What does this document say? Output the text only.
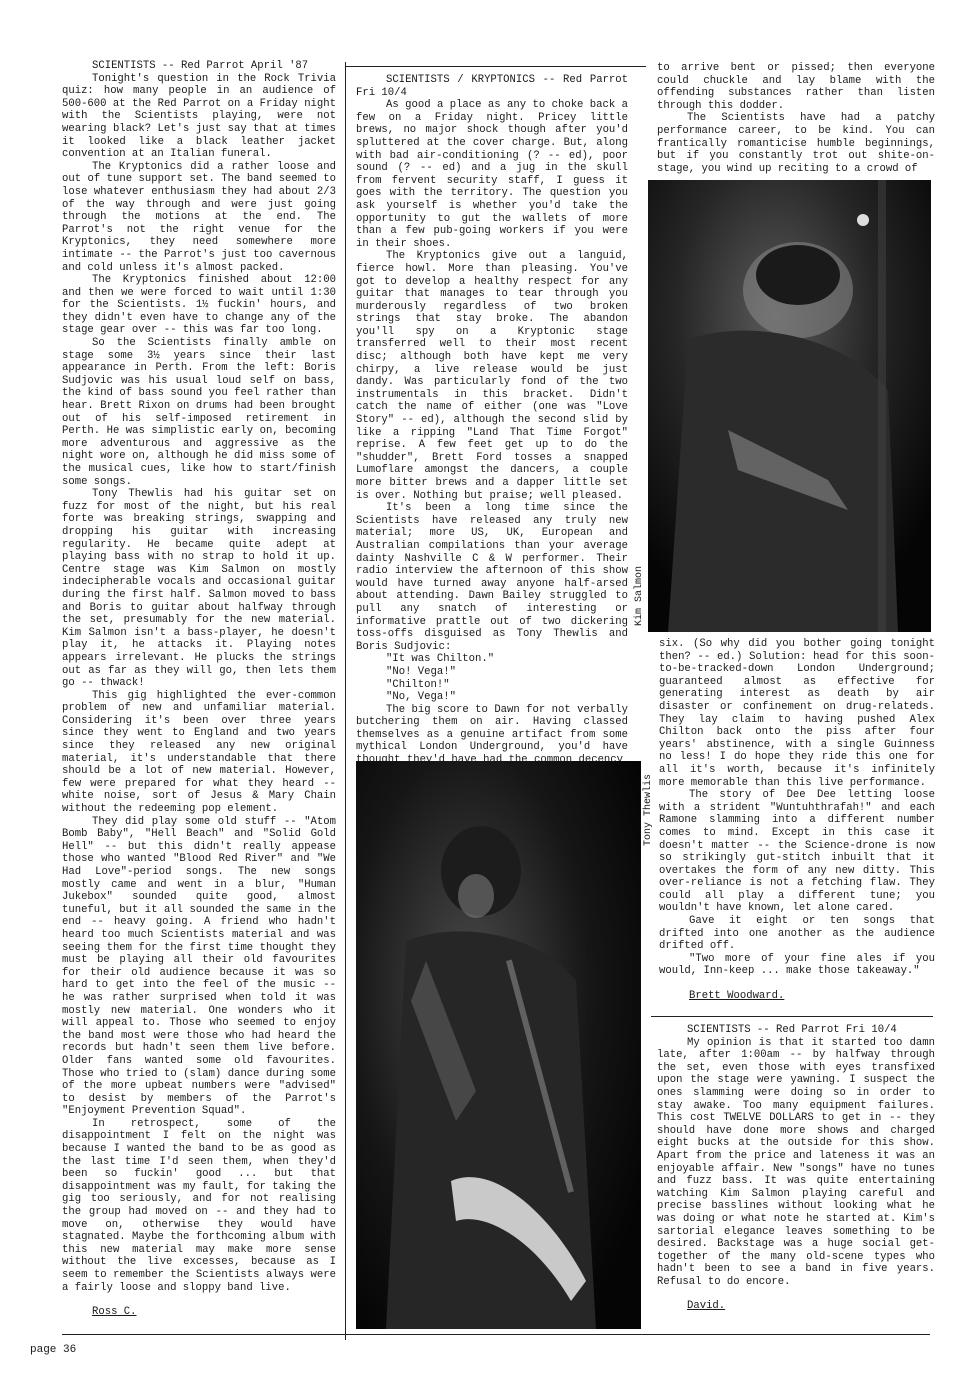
SCIENTISTS -- Red Parrot April '87

Tonight's question in the Rock Trivia quiz: how many people in an audience of 500-600 at the Red Parrot on a Friday night with the Scientists playing, were not wearing black? Let's just say that at times it looked like a black leather jacket convention at an Italian funeral.

The Kryptonics did a rather loose and out of tune support set. The band seemed to lose whatever enthusiasm they had about 2/3 of the way through and were just going through the motions at the end. The Parrot's not the right venue for the Kryptonics, they need somewhere more intimate -- the Parrot's just too cavernous and cold unless it's almost packed.

The Kryptonics finished about 12:00 and then we were forced to wait until 1:30 for the Scientists. 1½ fuckin' hours, and they didn't even have to change any of the stage gear over -- this was far too long.

So the Scientists finally amble on stage some 3½ years since their last appearance in Perth. From the left: Boris Sudjovic was his usual loud self on bass, the kind of bass sound you feel rather than hear. Brett Rixon on drums had been brought out of his self-imposed retirement in Perth. He was simplistic early on, becoming more adventurous and aggressive as the night wore on, although he did miss some of the musical cues, like how to start/finish some songs.

Tony Thewlis had his guitar set on fuzz for most of the night, but his real forte was breaking strings, swapping and dropping his guitar with increasing regularity. He became quite adept at playing bass with no strap to hold it up. Centre stage was Kim Salmon on mostly indecipherable vocals and occasional guitar during the first half. Salmon moved to bass and Boris to guitar about halfway through the set, presumably for the new material. Kim Salmon isn't a bass-player, he doesn't play it, he attacks it. Playing notes appears irrelevant. He plucks the strings out as far as they will go, then lets them go -- thwack!

This gig highlighted the ever-common problem of new and unfamiliar material. Considering it's been over three years since they went to England and two years since they released any new original material, it's understandable that there should be a lot of new material. However, few were prepared for what they heard -- white noise, sort of Jesus & Mary Chain without the redeeming pop element.

They did play some old stuff -- "Atom Bomb Baby", "Hell Beach" and "Solid Gold Hell" -- but this didn't really appease those who wanted "Blood Red River" and "We Had Love"-period songs. The new songs mostly came and went in a blur, "Human Jukebox" sounded quite good, almost tuneful, but it all sounded the same in the end -- heavy going. A friend who hadn't heard too much Scientists material and was seeing them for the first time thought they must be playing all their old favourites for their old audience because it was so hard to get into the feel of the music -- he was rather surprised when told it was mostly new material. One wonders who it will appeal to. Those who seemed to enjoy the band most were those who had heard the records but hadn't seen them live before. Older fans wanted some old favourites. Those who tried to (slam) dance during some of the more upbeat numbers were "advised" to desist by members of the Parrot's "Enjoyment Prevention Squad".

In retrospect, some of the disappointment I felt on the night was because I wanted the band to be as good as the last time I'd seen them, when they'd been so fuckin' good ... but that disappointment was my fault, for taking the gig too seriously, and for not realising the group had moved on -- and they had to move on, otherwise they would have stagnated. Maybe the forthcoming album with this new material may make more sense without the live excesses, because as I seem to remember the Scientists always were a fairly loose and sloppy band live.

Ross C.

SCIENTISTS / KRYPTONICS -- Red Parrot Fri 10/4

As good a place as any to choke back a few on a Friday night. Pricey little brews, no major shock though after you'd spluttered at the cover charge. But, along with bad air-conditioning (? -- ed), poor sound (? -- ed) and a jug in the skull from fervent security staff, I guess it goes with the territory. The question you ask yourself is whether you'd take the opportunity to gut the wallets of more than a few pub-going workers if you were in their shoes.

The Kryptonics give out a languid, fierce howl. More than pleasing. You've got to develop a healthy respect for any guitar that manages to tear through you murderously regardless of two broken strings that stay broke. The abandon you'll spy on a Kryptonic stage transferred well to their most recent disc; although both have kept me very chirpy, a live release would be just dandy. Was particularly fond of the two instrumentals in this bracket. Didn't catch the name of either (one was "Love Story" -- ed), although the second slid by like a ripping "Land That Time Forgot" reprise. A few feet get up to do the "shudder", Brett Ford tosses a snapped Lumoflare amongst the dancers, a couple more bitter brews and a dapper little set is over. Nothing but praise; well pleased.

It's been a long time since the Scientists have released any truly new material; more US, UK, European and Australian compilations than your average dainty Nashville C & W performer. Their radio interview the afternoon of this show would have turned away anyone half-arsed about attending. Dawn Bailey struggled to pull any snatch of interesting or informative prattle out of two dickering toss-offs disguised as Tony Thewlis and Boris Sudjovic:

"It was Chilton."

"No! Vega!"

"Chilton!"

"No, Vega!"

The big score to Dawn for not verbally butchering them on air. Having classed themselves as a genuine artifact from some mythical London Underground, you'd have

to arrive bent or pissed; then everyone could chuckle and lay blame with the offending substances rather than listen through this dodder.

The Scientists have had a patchy performance career, to be kind. You can frantically romanticise humble beginnings, but if you constantly trot out shite-on-stage, you wind up reciting to a crowd of

Kim Salmon

six. (So why did you bother going tonight then? -- ed.) Solution: head for this soon-to-be-tracked-down London Underground; guaranteed almost as effective for generating interest as death by air disaster or confinement on drug-relateds. They lay claim to having pushed Alex Chilton back onto the piss after four years' abstinence, with a single Guinness no less! I do hope they ride this one for all it's worth, because it's infinitely more memorable than this live performance.

The story of Dee Dee letting loose with a strident "Wuntuhthrafah!" and each Ramone slamming into a different number comes to mind. Except in this case it doesn't matter -- the Science-drone is now so strikingly gut-stitch inbuilt that it overtakes the form of any new ditty. This over-reliance is not a fetching flaw. They could all play a different tune; you wouldn't have known, let alone cared.

Gave it eight or ten songs that drifted into one another as the audience drifted off.

"Two more of your fine ales if you would, Inn-keep ... make those takeaway."

Brett Woodward.

SCIENTISTS -- Red Parrot Fri 10/4

My opinion is that it started too damn late, after 1:00am -- by halfway through the set, even those with eyes transfixed upon the stage were yawning. I suspect the ones slamming were doing so in order to stay awake. Too many equipment failures. This cost TWELVE DOLLARS to get in -- they should have done more shows and charged eight bucks at the outside for this show. Apart from the price and lateness it was an enjoyable affair. New "songs" have no tunes and fuzz bass. It was quite entertaining watching Kim Salmon playing careful and precise basslines without looking what he was doing or what note he started at. Kim's sartorial elegance leaves something to be desired. Backstage was a huge social get-together of the many old-scene types who hadn't been to see a band in five years. Refusal to do encore.

David.

Tony Thewlis
page 36
